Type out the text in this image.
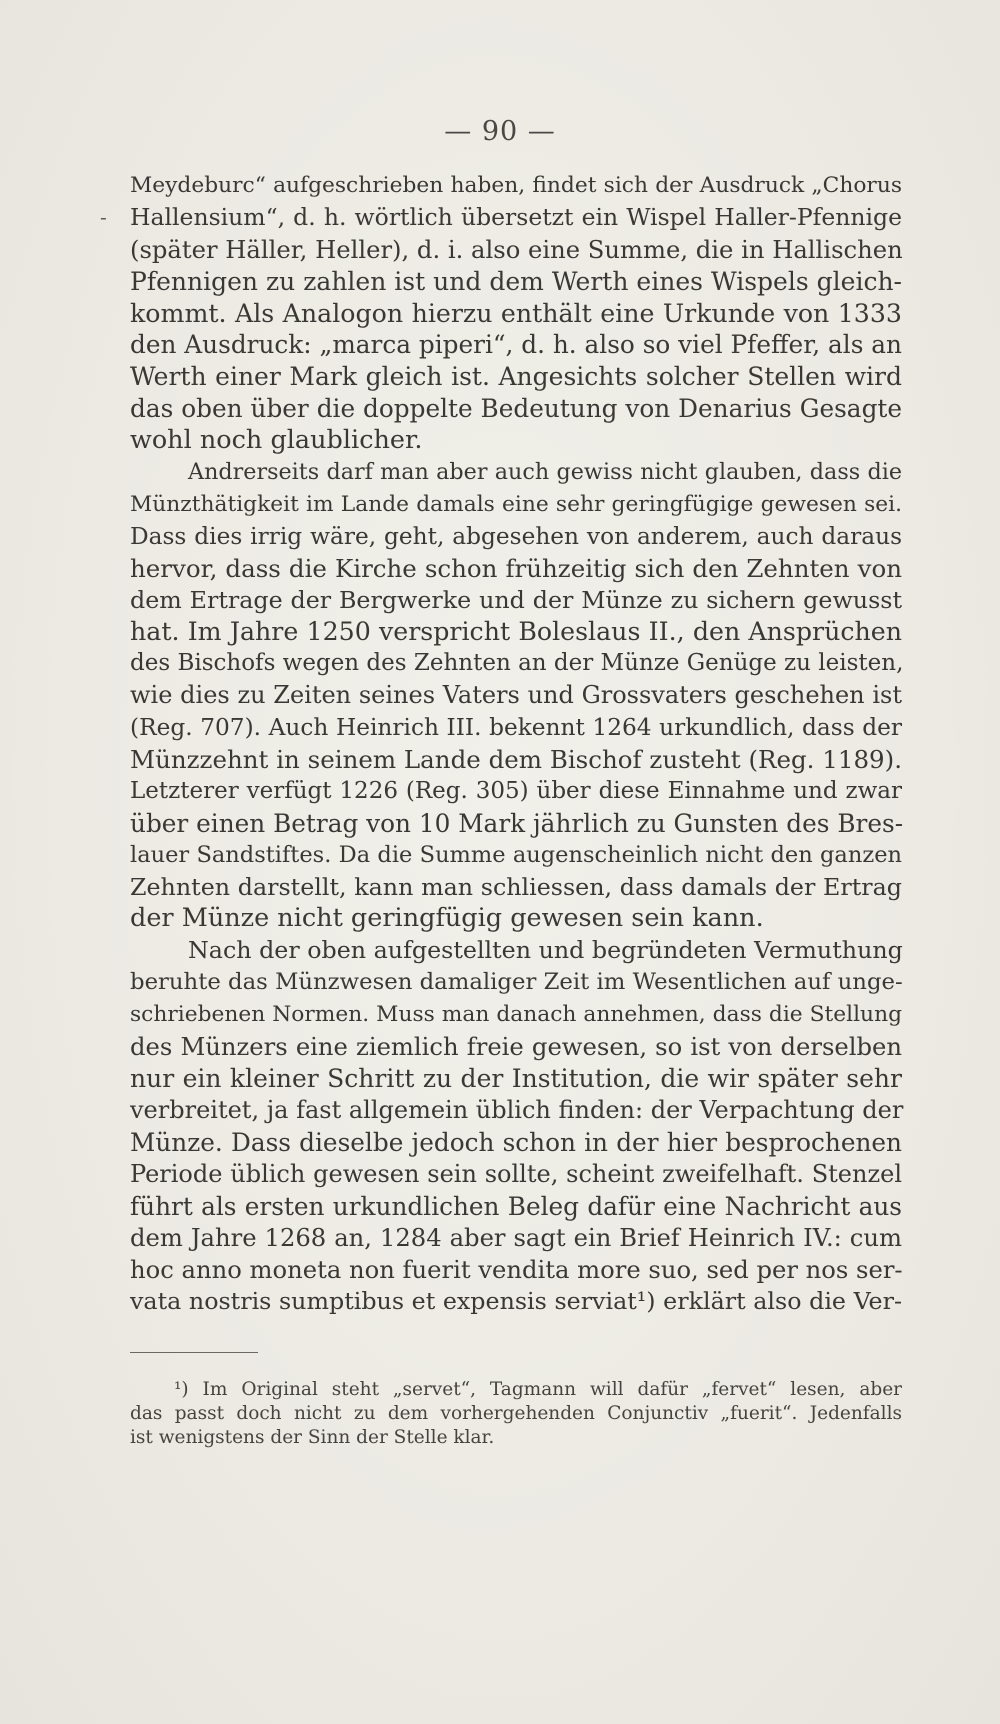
— 90 —
-
Meydeburc“ aufgeschrieben haben, findet sich der Ausdruck „Chorus
Hallensium“, d. h. wörtlich übersetzt ein Wispel Haller-Pfennige
(später Häller, Heller), d. i. also eine Summe, die in Hallischen
Pfennigen zu zahlen ist und dem Werth eines Wispels gleich-
kommt. Als Analogon hierzu enthält eine Urkunde von 1333
den Ausdruck: „marca piperi“, d. h. also so viel Pfeffer, als an
Werth einer Mark gleich ist. Angesichts solcher Stellen wird
das oben über die doppelte Bedeutung von Denarius Gesagte
wohl noch glaublicher.
Andrerseits darf man aber auch gewiss nicht glauben, dass die
Münzthätigkeit im Lande damals eine sehr geringfügige gewesen sei.
Dass dies irrig wäre, geht, abgesehen von anderem, auch daraus
hervor, dass die Kirche schon frühzeitig sich den Zehnten von
dem Ertrage der Bergwerke und der Münze zu sichern gewusst
hat. Im Jahre 1250 verspricht Boleslaus II., den Ansprüchen
des Bischofs wegen des Zehnten an der Münze Genüge zu leisten,
wie dies zu Zeiten seines Vaters und Grossvaters geschehen ist
(Reg. 707). Auch Heinrich III. bekennt 1264 urkundlich, dass der
Münzzehnt in seinem Lande dem Bischof zusteht (Reg. 1189).
Letzterer verfügt 1226 (Reg. 305) über diese Einnahme und zwar
über einen Betrag von 10 Mark jährlich zu Gunsten des Bres-
lauer Sandstiftes. Da die Summe augenscheinlich nicht den ganzen
Zehnten darstellt, kann man schliessen, dass damals der Ertrag
der Münze nicht geringfügig gewesen sein kann.
Nach der oben aufgestellten und begründeten Vermuthung
beruhte das Münzwesen damaliger Zeit im Wesentlichen auf unge-
schriebenen Normen. Muss man danach annehmen, dass die Stellung
des Münzers eine ziemlich freie gewesen, so ist von derselben
nur ein kleiner Schritt zu der Institution, die wir später sehr
verbreitet, ja fast allgemein üblich finden: der Verpachtung der
Münze. Dass dieselbe jedoch schon in der hier besprochenen
Periode üblich gewesen sein sollte, scheint zweifelhaft. Stenzel
führt als ersten urkundlichen Beleg dafür eine Nachricht aus
dem Jahre 1268 an, 1284 aber sagt ein Brief Heinrich IV.: cum
hoc anno moneta non fuerit vendita more suo, sed per nos ser-
vata nostris sumptibus et expensis serviat¹) erklärt also die Ver-
¹) Im Original steht „servet“, Tagmann will dafür „fervet“ lesen, aber
das passt doch nicht zu dem vorhergehenden Conjunctiv „fuerit“. Jedenfalls
ist wenigstens der Sinn der Stelle klar.
